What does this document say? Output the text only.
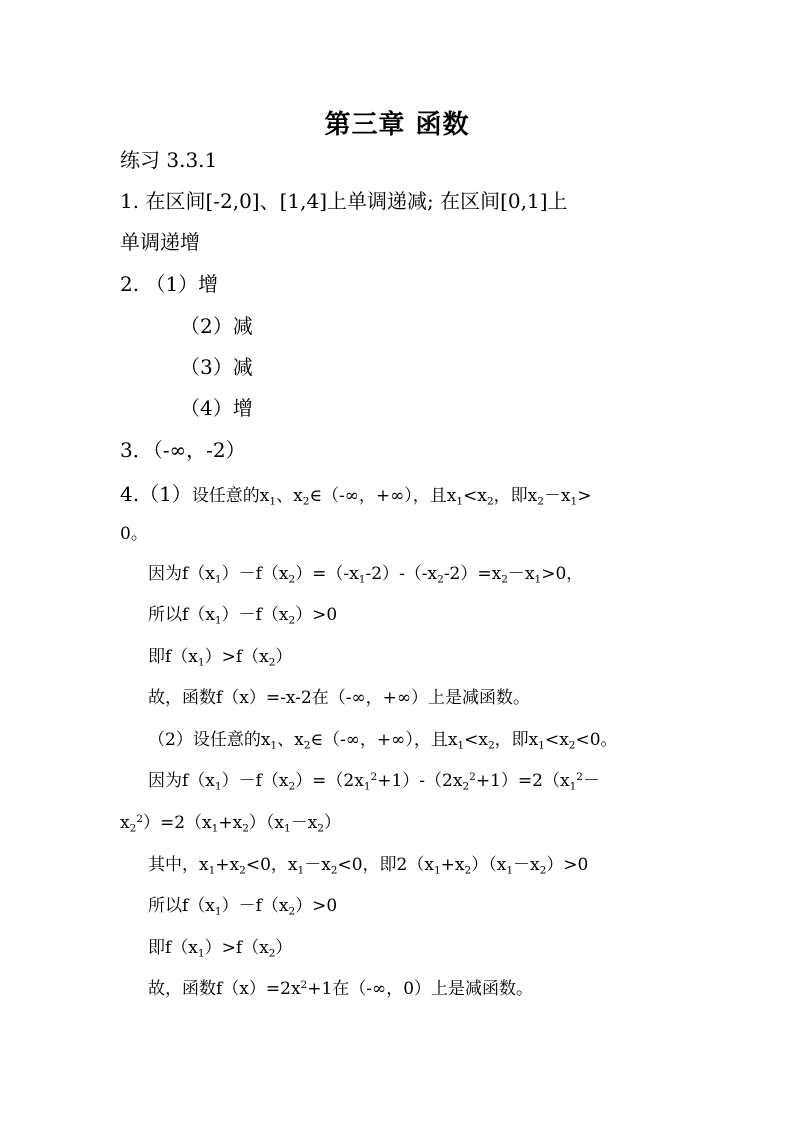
第三章 函数
练习 3.3.1
1. 在区间[-2,0]、[1,4]上单调递减; 在区间[0,1]上
单调递增
2. （1）增
（2）减
（3）减
（4）增
3．（-∞，-2）
4.（1）设任意的$x_1$、$x_2\in(-\infty$，+∞），且$x_1<x_2$，即$x_2-x_1>$
0。
因为$f(x_1)-f(x_2)=(-x_1-2)-(-x_2-2)=x_2-x_1>0$，
所以$f(x_1)-f(x_2)>0$
即$f(x_1)>f(x_2)$
故，函数f（x）=-x-2在（-∞，+∞）上是减函数。
（2）设任意的$x_1$、$x_2\in(-\infty$，+∞），且$x_1<x_2$，即$x_1<x_2<0$。
因为$f(x_1)-f(x_2)=(2x_1^2+1)-(2x_2^2+1)=2(x_1^2-$
$x_2^2)=2(x_1+x_2)(x_1-x_2)$
其中，$x_1+x_2<0$，$x_1-x_2<0$，即$2(x_1+x_2)(x_1-x_2)>0$
所以$f(x_1)-f(x_2)>0$
即$f(x_1)>f(x_2)$
故，函数$f(x)=2x^2+1$在（-∞，0）上是减函数。
